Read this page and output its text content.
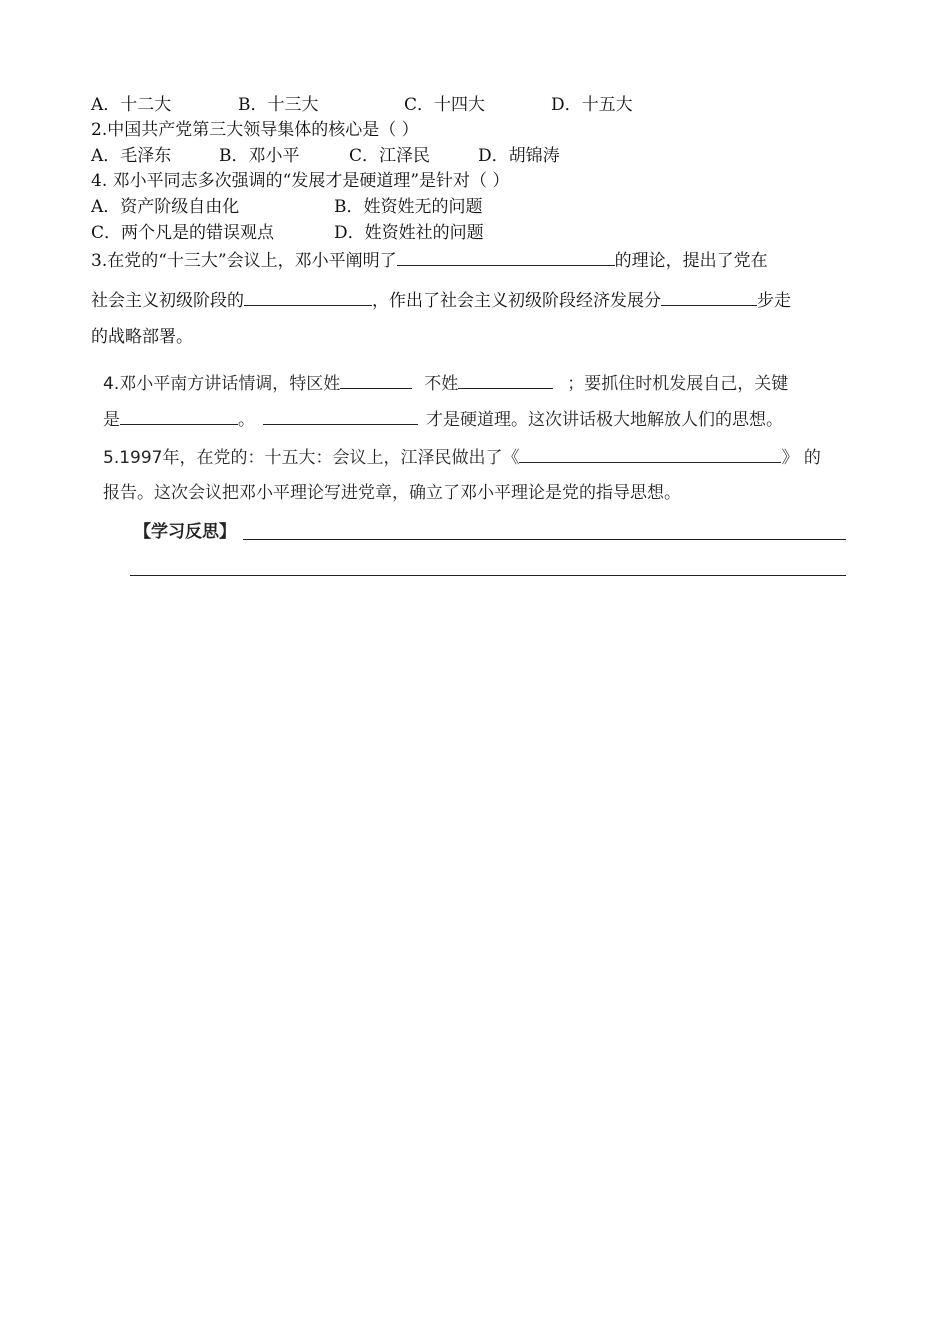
A．十二大	B．十三大	C．十四大	D．十五大
2.中国共产党第三大领导集体的核心是（ ）
A．毛泽东	B．邓小平	C．江泽民	D．胡锦涛
4. 邓小平同志多次强调的“发展才是硬道理”是针对（ ）
A．资产阶级自由化	B．姓资姓无的问题
C．两个凡是的错误观点	D．姓资姓社的问题
3.在党的“十三大”会议上，邓小平阐明了	的理论，提出了党在
社会主义初级阶段的	，作出了社会主义初级阶段经济发展分	步走
的战略部署。
4.邓小平南方讲话情调，特区姓	不姓	；要抓住时机发展自己，关键
是	。	才是硬道理。这次讲话极大地解放人们的思想。
5.1997年，在党的：十五大：会议上，江泽民做出了《	》 的
报告。这次会议把邓小平理论写进党章，确立了邓小平理论是党的指导思想。
【学习反思】
